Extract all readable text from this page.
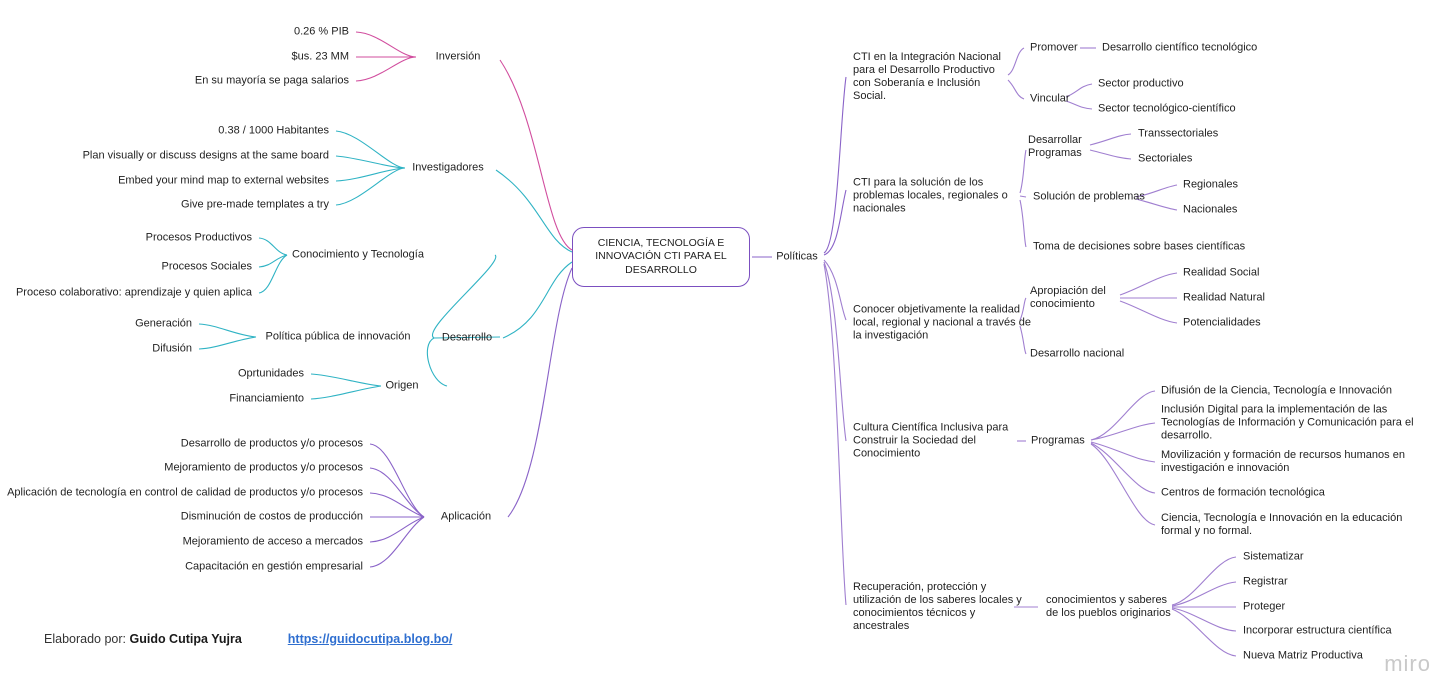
CIENCIA, TECNOLOGÍA E INNOVACIÓN CTI PARA EL DESARROLLO
Inversión
0.26 % PIB
$us. 23 MM
En su mayoría se paga salarios
Investigadores
0.38 / 1000 Habitantes
Plan visually or discuss designs at the same board
Embed your mind map to external websites
Give pre-made templates a try
Desarrollo
Conocimiento y Tecnología
Procesos Productivos
Procesos Sociales
Proceso colaborativo: aprendizaje y quien aplica
Política pública de innovación
Generación
Difusión
Origen
Oprtunidades
Financiamiento
Aplicación
Desarrollo de productos y/o procesos
Mejoramiento de productos y/o procesos
Aplicación de tecnología en control de calidad de productos y/o procesos
Disminución de costos de producción
Mejoramiento de acceso a mercados
Capacitación en gestión empresarial
Políticas
CTI en la Integración Nacional para el Desarrollo Productivo con Soberanía e Inclusión Social.
Promover Desarrollo científico tecnológico
Vincular
Sector productivo
Sector tecnológico-científico
CTI para la solución de los problemas locales, regionales o nacionales
Desarrollar Programas
Transsectoriales
Sectoriales
Solución de problemas
Regionales
Nacionales
Toma de decisiones sobre bases científicas
Conocer objetivamente la realidad local, regional y nacional a través de la investigación
Apropiación del conocimiento
Realidad Social
Realidad Natural
Potencialidades
Desarrollo nacional
Cultura Científica Inclusiva para Construir la Sociedad del Conocimiento
Programas
Difusión de la Ciencia, Tecnología e Innovación
Inclusión Digital para la implementación de las Tecnologías de Información y Comunicación para el desarrollo.
Movilización y formación de recursos humanos en investigación e innovación
Centros de formación tecnológica
Ciencia, Tecnología e Innovación en la educación formal y no formal.
Recuperación, protección y utilización de los saberes locales y conocimientos técnicos y ancestrales
conocimientos y saberes de los pueblos originarios
Sistematizar
Registrar
Proteger
Incorporar estructura científica
Nueva Matriz Productiva
Elaborado por: Guido Cutipa Yujra	https://guidocutipa.blog.bo/
miro
